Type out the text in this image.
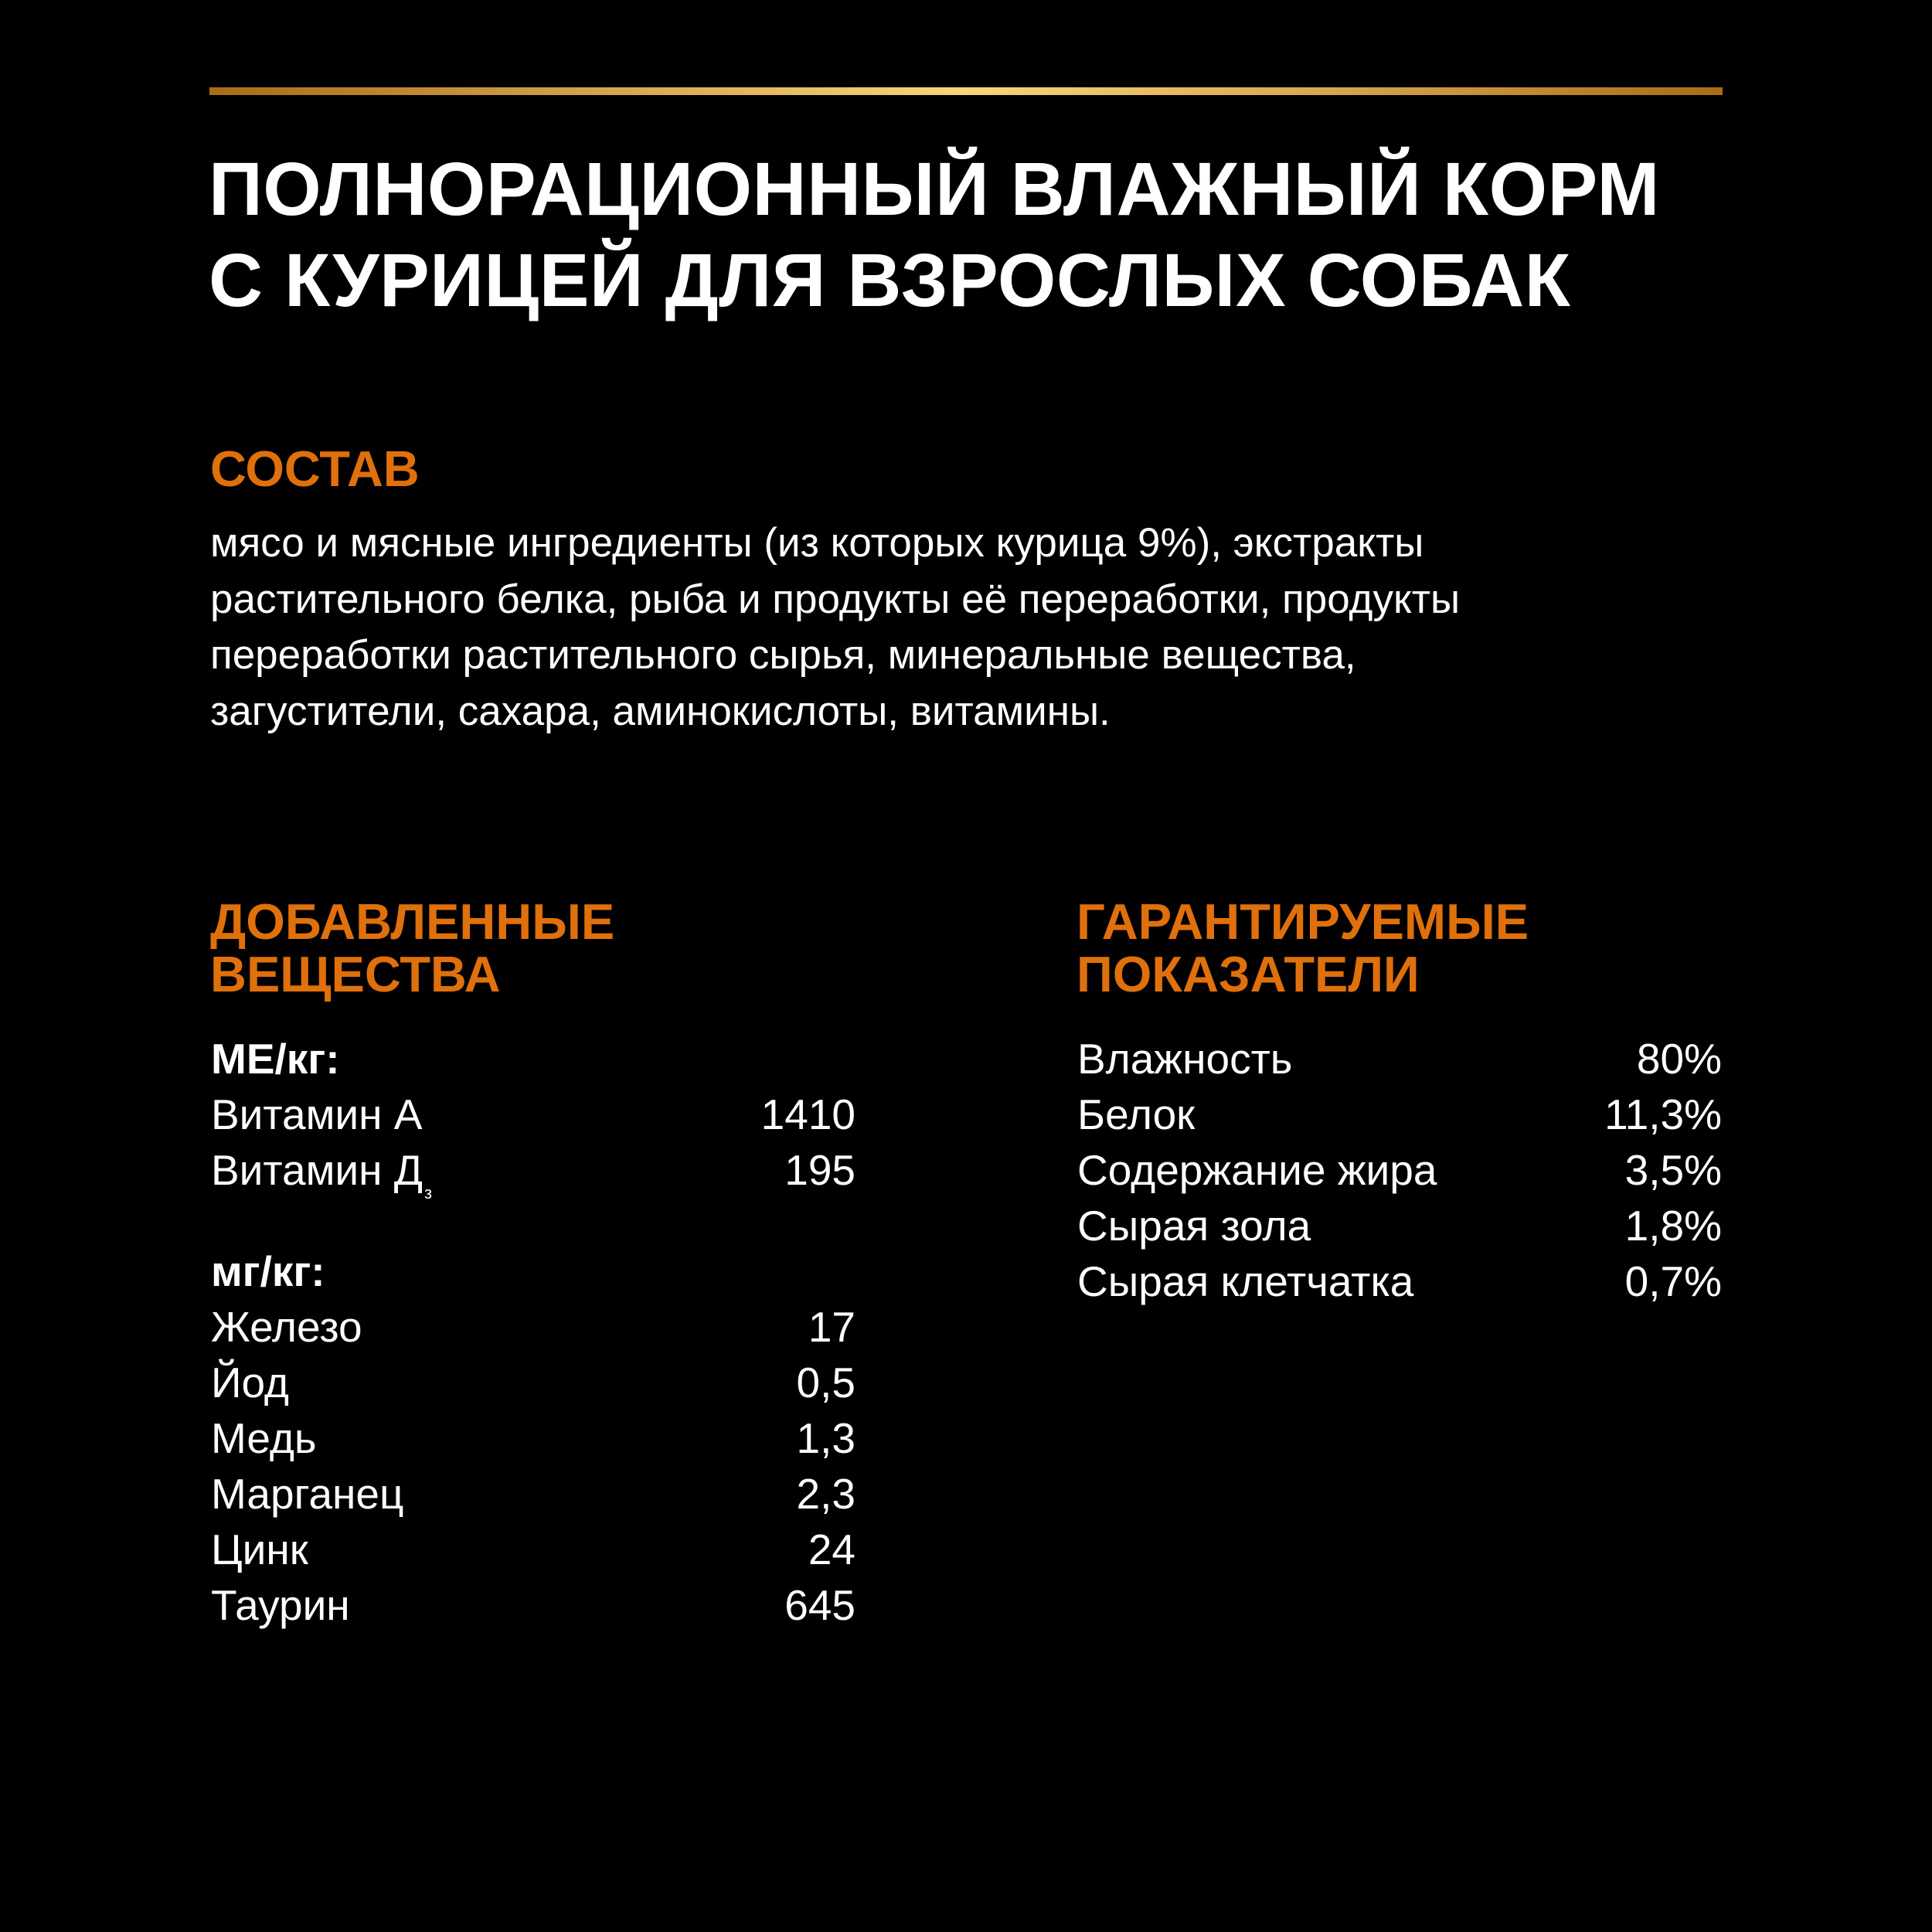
ПОЛНОРАЦИОННЫЙ ВЛАЖНЫЙ КОРМ
С КУРИЦЕЙ ДЛЯ ВЗРОСЛЫХ СОБАК
СОСТАВ

мясо и мясные ингредиенты (из которых курица 9%), экстракты
растительного белка, рыба и продукты её переработки, продукты
переработки растительного сырья, минеральные вещества,
загустители, сахара, аминокислоты, витамины.

ДОБАВЛЕННЫЕ
ВЕЩЕСТВА
ГАРАНТИРУЕМЫЕ
ПОКАЗАТЕЛИ
МЕ/кг:
Витамин А	1410
Витамин $Д_з$	195
мг/кг:
Железо	17
Йод	0,5
Медь	1,3
Марганец	2,3
Цинк	24
Таурин	645
Влажность	80%
Белок	11,3%
Содержание жира	3,5%
Сырая зола	1,8%
Сырая клетчатка	0,7%
